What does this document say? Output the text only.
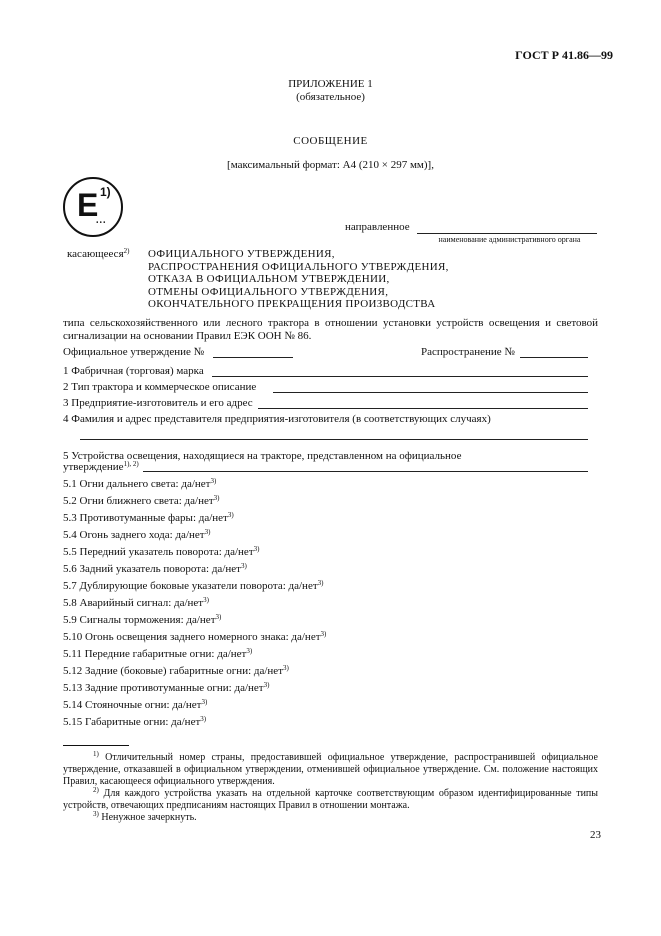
ГОСТ Р 41.86—99
ПРИЛОЖЕНИЕ 1
(обязательное)
СООБЩЕНИЕ
[максимальный формат: А4 (210 × 297 мм)],
E 1)
...
направленное
наименование административного органа
касающееся$^{2)}$ ОФИЦИАЛЬНОГО УТВЕРЖДЕНИЯ,
РАСПРОСТРАНЕНИЯ ОФИЦИАЛЬНОГО УТВЕРЖДЕНИЯ,
ОТКАЗА В ОФИЦИАЛЬНОМ УТВЕРЖДЕНИИ,
ОТМЕНЫ ОФИЦИАЛЬНОГО УТВЕРЖДЕНИЯ,
ОКОНЧАТЕЛЬНОГО ПРЕКРАЩЕНИЯ ПРОИЗВОДСТВА
типа сельскохозяйственного или лесного трактора в отношении установки устройств освещения и световой сигнализации на основании Правил ЕЭК ООН № 86.
Официальное утверждение №	Распространение №
1 Фабричная (торговая) марка
2 Тип трактора и коммерческое описание
3 Предприятие-изготовитель и его адрес
4 Фамилия и адрес представителя предприятия-изготовителя (в соответствующих случаях)
5 Устройства освещения, находящиеся на тракторе, представленном на официальное
утверждение$^{1), 2)}$
5.1 Огни дальнего света: да/нет$^{3)}$
5.2 Огни ближнего света: да/нет$^{3)}$
5.3 Противотуманные фары: да/нет$^{3)}$
5.4 Огонь заднего хода: да/нет$^{3)}$
5.5 Передний указатель поворота: да/нет$^{3)}$
5.6 Задний указатель поворота: да/нет$^{3)}$
5.7 Дублирующие боковые указатели поворота: да/нет$^{3)}$
5.8 Аварийный сигнал: да/нет$^{3)}$
5.9 Сигналы торможения: да/нет$^{3)}$
5.10 Огонь освещения заднего номерного знака: да/нет$^{3)}$
5.11 Передние габаритные огни: да/нет$^{3)}$
5.12 Задние (боковые) габаритные огни: да/нет$^{3)}$
5.13 Задние противотуманные огни: да/нет$^{3)}$
5.14 Стояночные огни: да/нет$^{3)}$
5.15 Габаритные огни: да/нет$^{3)}$
$^{1)}$ Отличительный номер страны, предоставившей официальное утверждение, распространившей официальное утверждение, отказавшей в официальном утверждении, отменившей официальное утверждение. См. положение настоящих Правил, касающееся официального утверждения.
$^{2)}$ Для каждого устройства указать на отдельной карточке соответствующим образом идентифицированные типы устройств, отвечающих предписаниям настоящих Правил в отношении монтажа.
$^{3)}$ Ненужное зачеркнуть.
23
